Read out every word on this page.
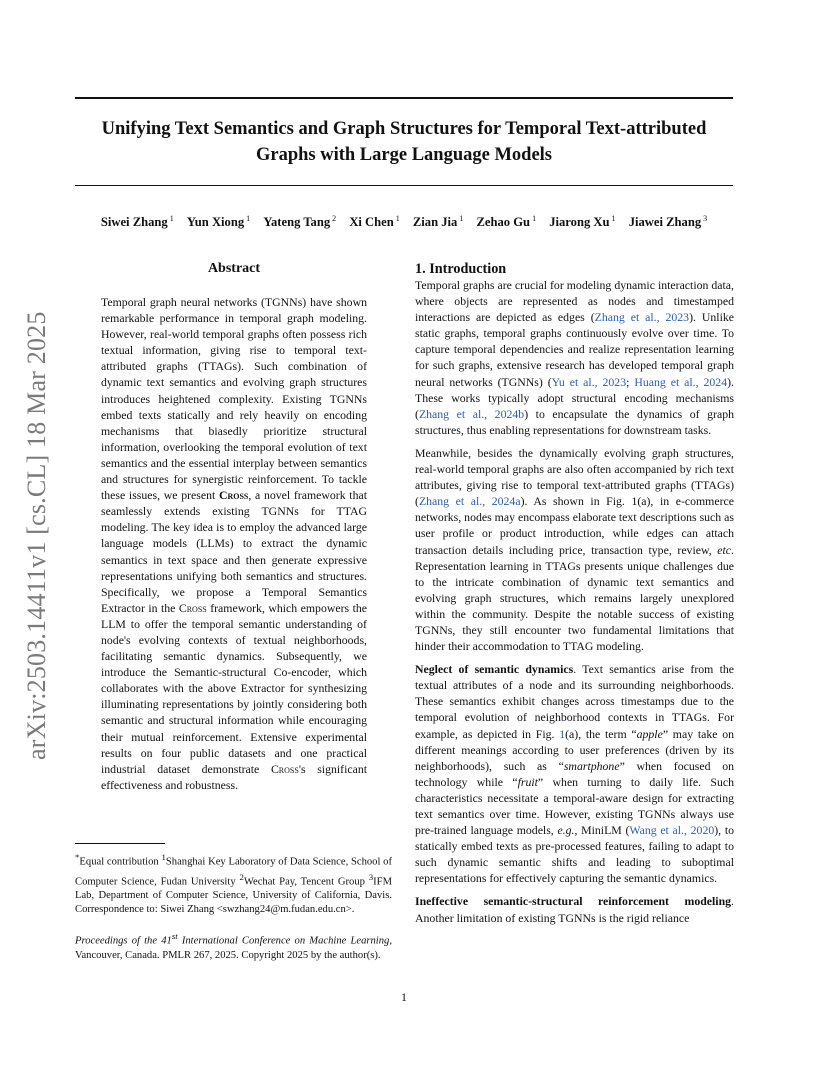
arXiv:2503.14411v1 [cs.CL] 18 Mar 2025
Unifying Text Semantics and Graph Structures for Temporal Text-attributed
Graphs with Large Language Models
Siwei Zhang $^1$ Yun Xiong $^1$ Yateng Tang $^2$ Xi Chen $^1$ Zian Jia $^1$ Zehao Gu $^1$ Jiarong Xu $^1$ Jiawei Zhang $^3$
Abstract

Temporal graph neural networks (TGNNs) have shown remarkable performance in temporal graph modeling. However, real-world temporal graphs often possess rich textual information, giving rise to temporal text-attributed graphs (TTAGs). Such combination of dynamic text semantics and evolving graph structures introduces heightened complexity. Existing TGNNs embed texts statically and rely heavily on encoding mechanisms that biasedly prioritize structural information, overlooking the temporal evolution of text semantics and the essential interplay between semantics and structures for synergistic reinforcement. To tackle these issues, we present Cross, a novel framework that seamlessly extends existing TGNNs for TTAG modeling. The key idea is to employ the advanced large language models (LLMs) to extract the dynamic semantics in text space and then generate expressive representations unifying both semantics and structures. Specifically, we propose a Temporal Semantics Extractor in the Cross framework, which empowers the LLM to offer the temporal semantic understanding of node's evolving contexts of textual neighborhoods, facilitating semantic dynamics. Subsequently, we introduce the Semantic-structural Co-encoder, which collaborates with the above Extractor for synthesizing illuminating representations by jointly considering both semantic and structural information while encouraging their mutual reinforcement. Extensive experimental results on four public datasets and one practical industrial dataset demonstrate Cross's significant effectiveness and robustness.

1. Introduction

Temporal graphs are crucial for modeling dynamic interaction data, where objects are represented as nodes and timestamped interactions are depicted as edges (Zhang et al., 2023). Unlike static graphs, temporal graphs continuously evolve over time. To capture temporal dependencies and realize representation learning for such graphs, extensive research has developed temporal graph neural networks (TGNNs) (Yu et al., 2023; Huang et al., 2024). These works typically adopt structural encoding mechanisms (Zhang et al., 2024b) to encapsulate the dynamics of graph structures, thus enabling representations for downstream tasks.

Meanwhile, besides the dynamically evolving graph structures, real-world temporal graphs are also often accompanied by rich text attributes, giving rise to temporal text-attributed graphs (TTAGs) (Zhang et al., 2024a). As shown in Fig. 1(a), in e-commerce networks, nodes may encompass elaborate text descriptions such as user profile or product introduction, while edges can attach transaction details including price, transaction type, review, etc. Representation learning in TTAGs presents unique challenges due to the intricate combination of dynamic text semantics and evolving graph structures, which remains largely unexplored within the community. Despite the notable success of existing TGNNs, they still encounter two fundamental limitations that hinder their accommodation to TTAG modeling.

Neglect of semantic dynamics. Text semantics arise from the textual attributes of a node and its surrounding neighborhoods. These semantics exhibit changes across timestamps due to the temporal evolution of neighborhood contexts in TTAGs. For example, as depicted in Fig. 1(a), the term “apple” may take on different meanings according to user preferences (driven by its neighborhoods), such as “smartphone” when focused on technology while “fruit” when turning to daily life. Such characteristics necessitate a temporal-aware design for extracting text semantics over time. However, existing TGNNs always use pre-trained language models, e.g., MiniLM (Wang et al., 2020), to statically embed texts as pre-processed features, failing to adapt to such dynamic semantic shifts and leading to suboptimal representations for effectively capturing the semantic dynamics.

Ineffective semantic-structural reinforcement modeling. Another limitation of existing TGNNs is the rigid reliance

*Equal contribution $^1$Shanghai Key Laboratory of Data Science, School of Computer Science, Fudan University $^2$Wechat Pay, Tencent Group $^3$IFM Lab, Department of Computer Science, University of California, Davis. Correspondence to: Siwei Zhang <swzhang24@m.fudan.edu.cn>.
Proceedings of the 41st International Conference on Machine Learning, Vancouver, Canada. PMLR 267, 2025. Copyright 2025 by the author(s).
1
